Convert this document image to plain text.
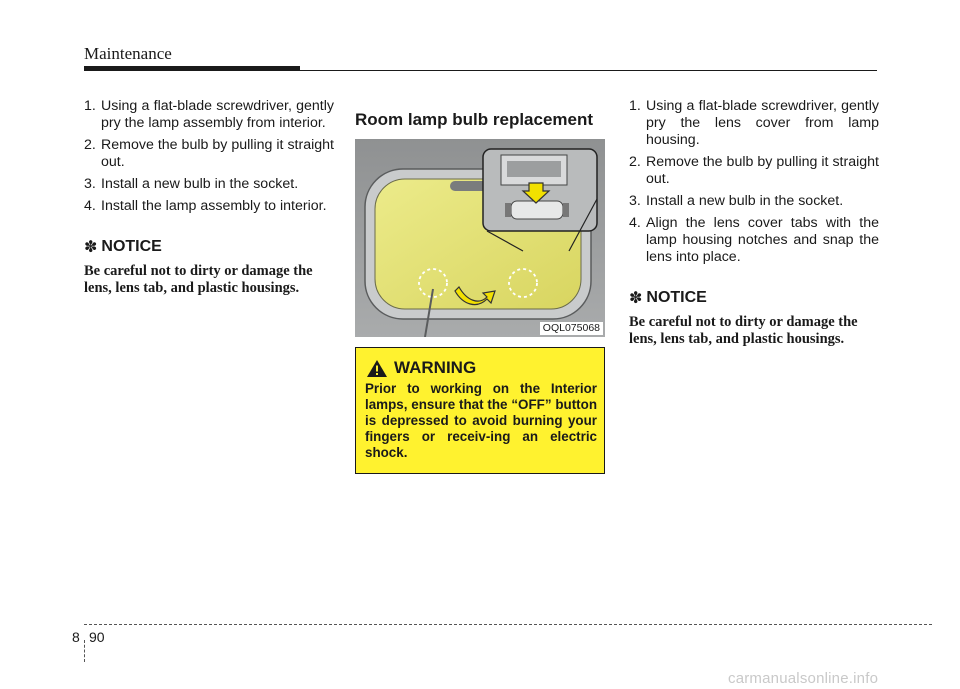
Maintenance
1. Using a flat-blade screwdriver, gently pry the lamp assembly from interior.
2. Remove the bulb by pulling it straight out.
3. Install a new bulb in the socket.
4. Install the lamp assembly to interior.
✽ NOTICE
Be careful not to dirty or damage the lens, lens tab, and plastic housings.
Room lamp bulb replacement
OQL075068
WARNING
Prior to working on the Interior lamps, ensure that the “OFF” button is depressed to avoid burning your fingers or receiv-ing an electric shock.
1. Using a flat-blade screwdriver, gently pry the lens cover from lamp housing.
2. Remove the bulb by pulling it straight out.
3. Install a new bulb in the socket.
4. Align the lens cover tabs with the lamp housing notches and snap the lens into place.
✽ NOTICE
Be careful not to dirty or damage the lens, lens tab, and plastic housings.
8 90
carmanualsonline.info
